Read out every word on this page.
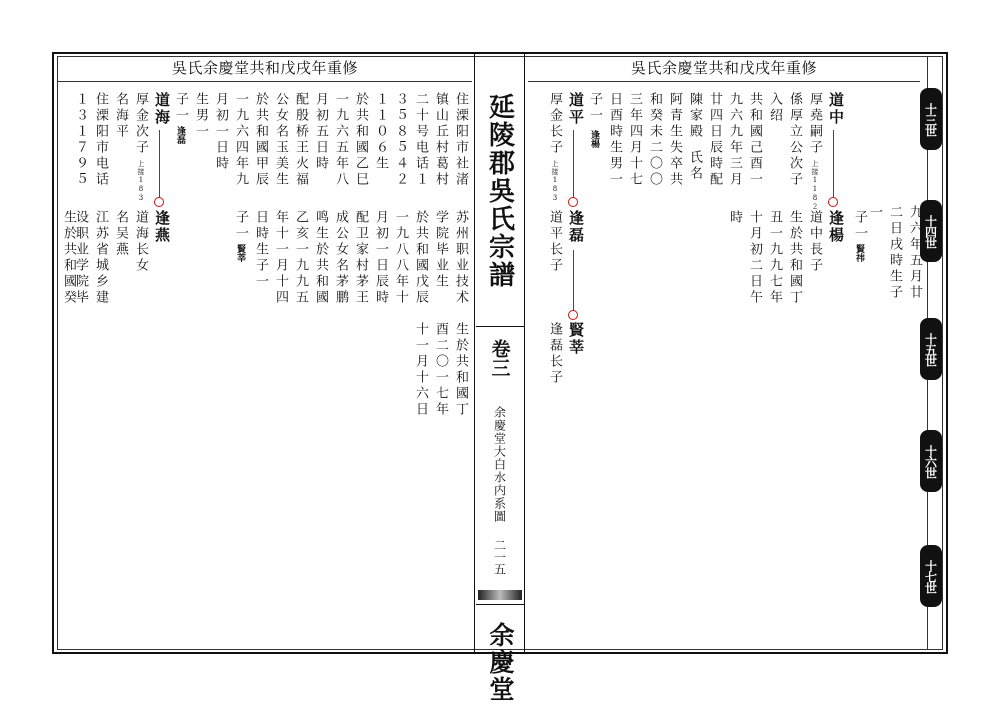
吳氏余慶堂共和戊戌年重修	吳氏余慶堂共和戊戌年重修
延陵郡吳氏宗譜
卷三
余慶堂大白水内系圖
二一五
余慶堂
十三世
十四世
十五世
十六世
十七世
道中
逢楊
厚堯嗣子
上接118２
係厚立公次子
入绍
共和國己酉一
九六九年三月
廿四日辰時配
陳家殿
氏名
阿青生失卒共
和癸未二〇〇
三年四月十七
日酉時生男一
子一
逢楊
道中長子
生於共和國丁
丑一九九七年
十月初二日午
時	子一
賢祎	九六年五月廿
二日戌時生子
一
道平
逢磊
賢莘
厚金长子
上接183
道平长子
逢磊长子
住溧阳市社渚
镇山丘村葛村
二十号电话１
３５８５４２
１１０６生
於共和國乙巳
一九六五年八
月初五日時
配殷桥王火福
公女名玉美生
於共和國甲辰
一九六四年九
月初一日時
生男一
子一
逢磊
道海
逢燕
厚金次子
上接183
名海平
住溧阳市电话
１３１７９５
道海长女
名吴燕	苏州职业技术
学院毕业生
於共和國戊辰
一九八八年十
月初一日辰時
配卫家村茅王
成公女名茅鹏
鸣生於共和國
乙亥一九九五
年十一月十四
日時生子一
子一
賢莘
江苏省城乡建
设职业学院毕
生於共和國癸
生於共和國丁
酉二〇一七年
十一月十六日
